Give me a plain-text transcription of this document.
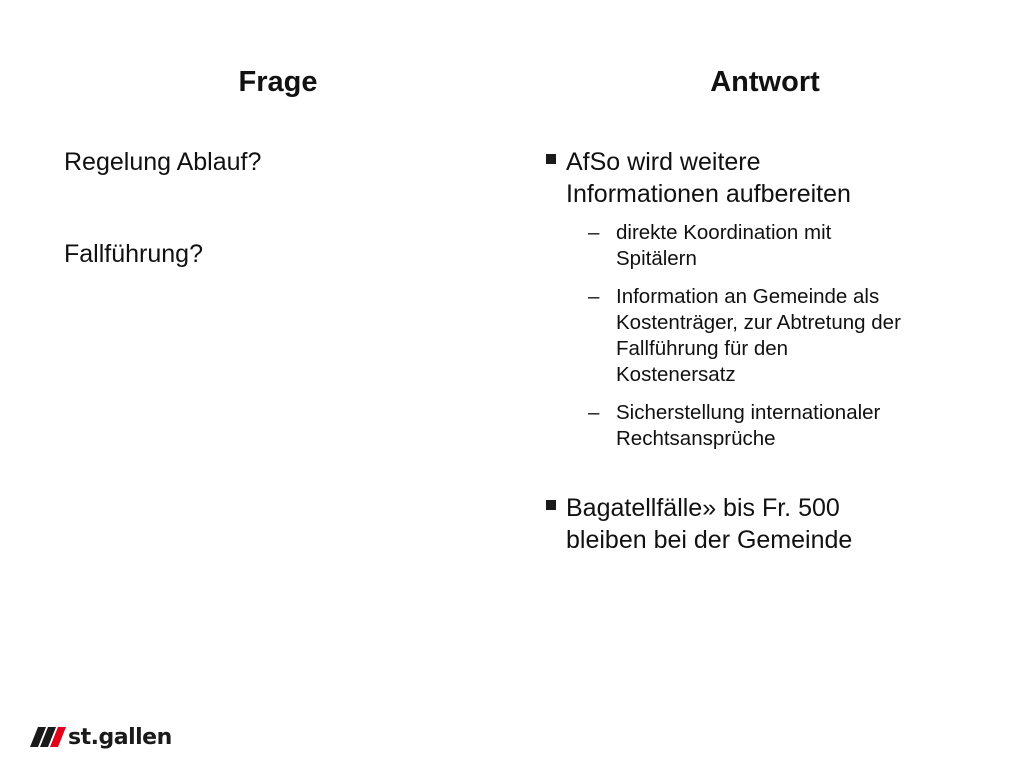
Frage	Antwort

Regelung Ablauf?

Fallführung?

AfSo wird weitere
Informationen aufbereiten
– direkte Koordination mit
Spitälern
– Information an Gemeinde als
Kostenträger, zur Abtretung der
Fallführung für den
Kostenersatz
– Sicherstellung internationaler
Rechtsansprüche
Bagatellfälle» bis Fr. 500
bleiben bei der Gemeinde
st.gallen
